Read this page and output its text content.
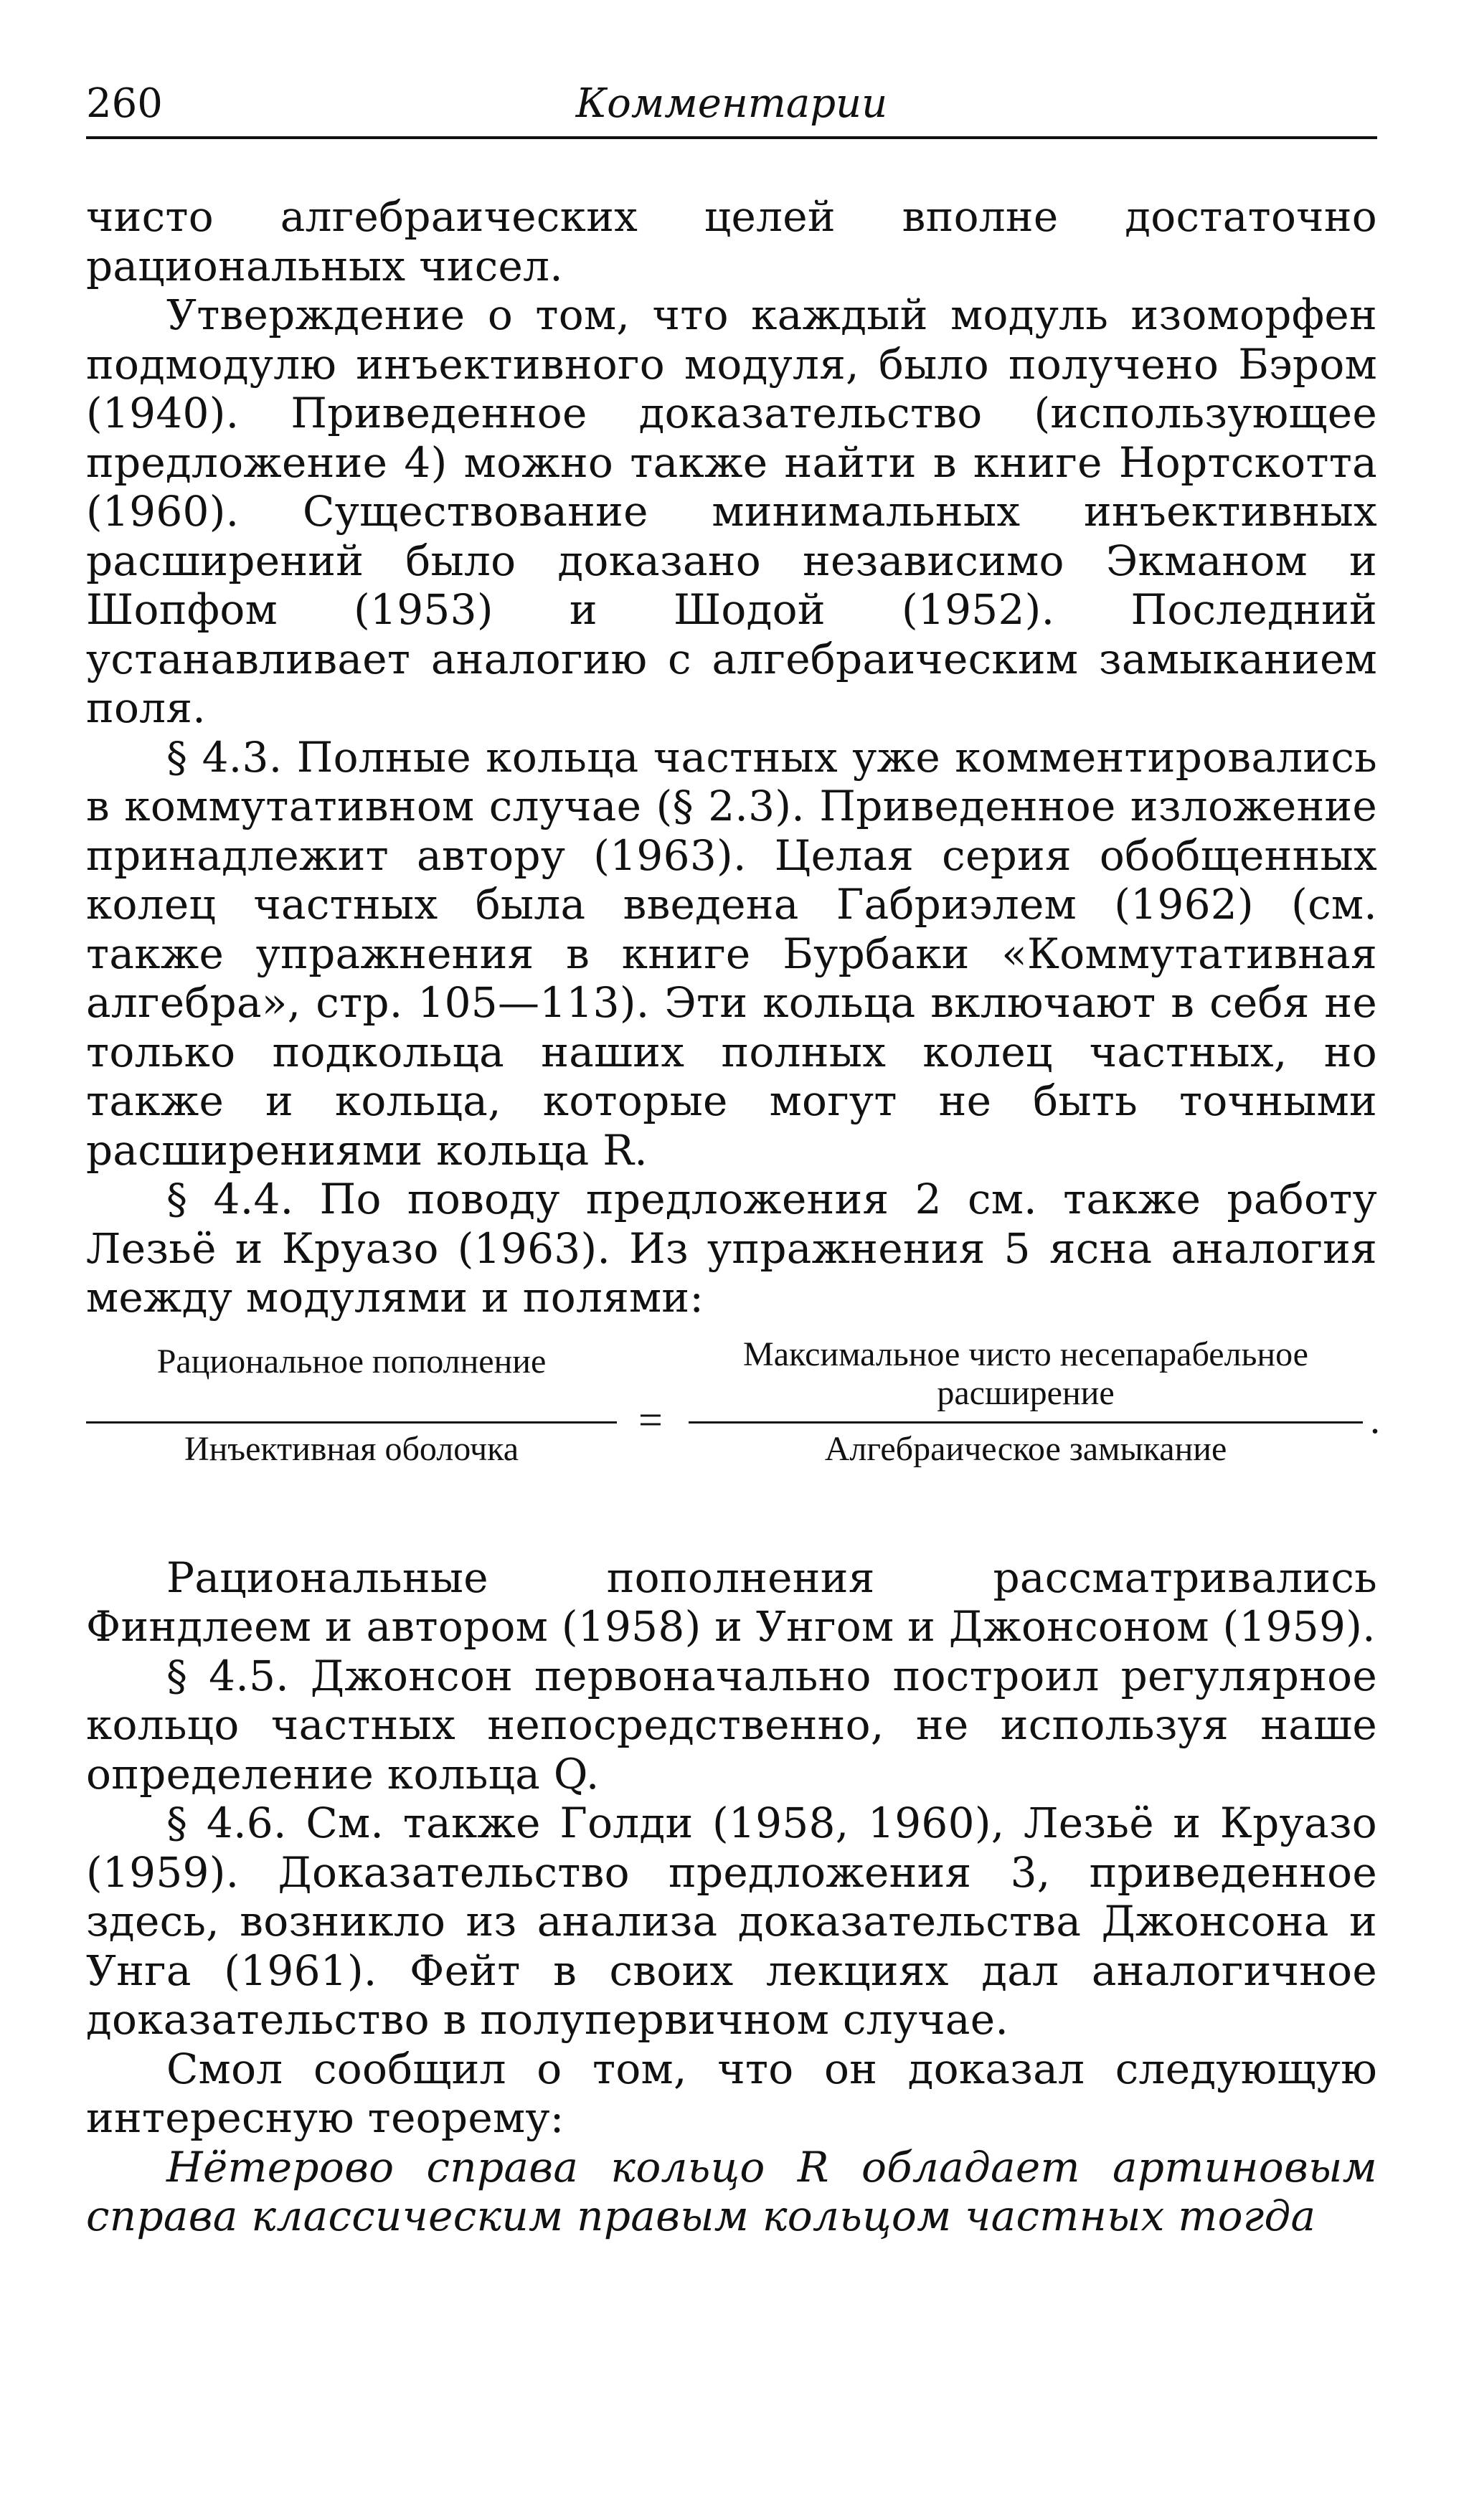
260	Комментарии

чисто алгебраических целей вполне достаточно рациональных чисел.

Утверждение о том, что каждый модуль изоморфен подмодулю инъективного модуля, было получено Бэром (1940). Приведенное доказательство (использующее предложение 4) можно также найти в книге Нортскотта (1960). Существование минимальных инъективных расширений было доказано независимо Экманом и Шопфом (1953) и Шодой (1952). Последний устанавливает аналогию с алгебраическим замыканием поля.

§ 4.3. Полные кольца частных уже комментировались в коммутативном случае (§ 2.3). Приведенное изложение принадлежит автору (1963). Целая серия обобщенных колец частных была введена Габриэлем (1962) (см. также упражнения в книге Бурбаки «Коммутативная алгебра», стр. 105—113). Эти кольца включают в себя не только подкольца наших полных колец частных, но также и кольца, которые могут не быть точными расширениями кольца R.

§ 4.4. По поводу предложения 2 см. также работу Лезьё и Круазо (1963). Из упражнения 5 ясна аналогия между модулями и полями:

Рациональное пополнение
Инъективная оболочка
=
Максимальное чисто несепарабельное расширение
Алгебраическое замыкание
.

Рациональные пополнения рассматривались Финдлеем и автором (1958) и Унгом и Джонсоном (1959).

§ 4.5. Джонсон первоначально построил регулярное кольцо частных непосредственно, не используя наше определение кольца Q.

§ 4.6. См. также Голди (1958, 1960), Лезьё и Круазо (1959). Доказательство предложения 3, приведенное здесь, возникло из анализа доказательства Джонсона и Унга (1961). Фейт в своих лекциях дал аналогичное доказательство в полупервичном случае.

Смол сообщил о том, что он доказал следующую интересную теорему:

Нётерово справа кольцо R обладает артиновым справа классическим правым кольцом частных тогда
